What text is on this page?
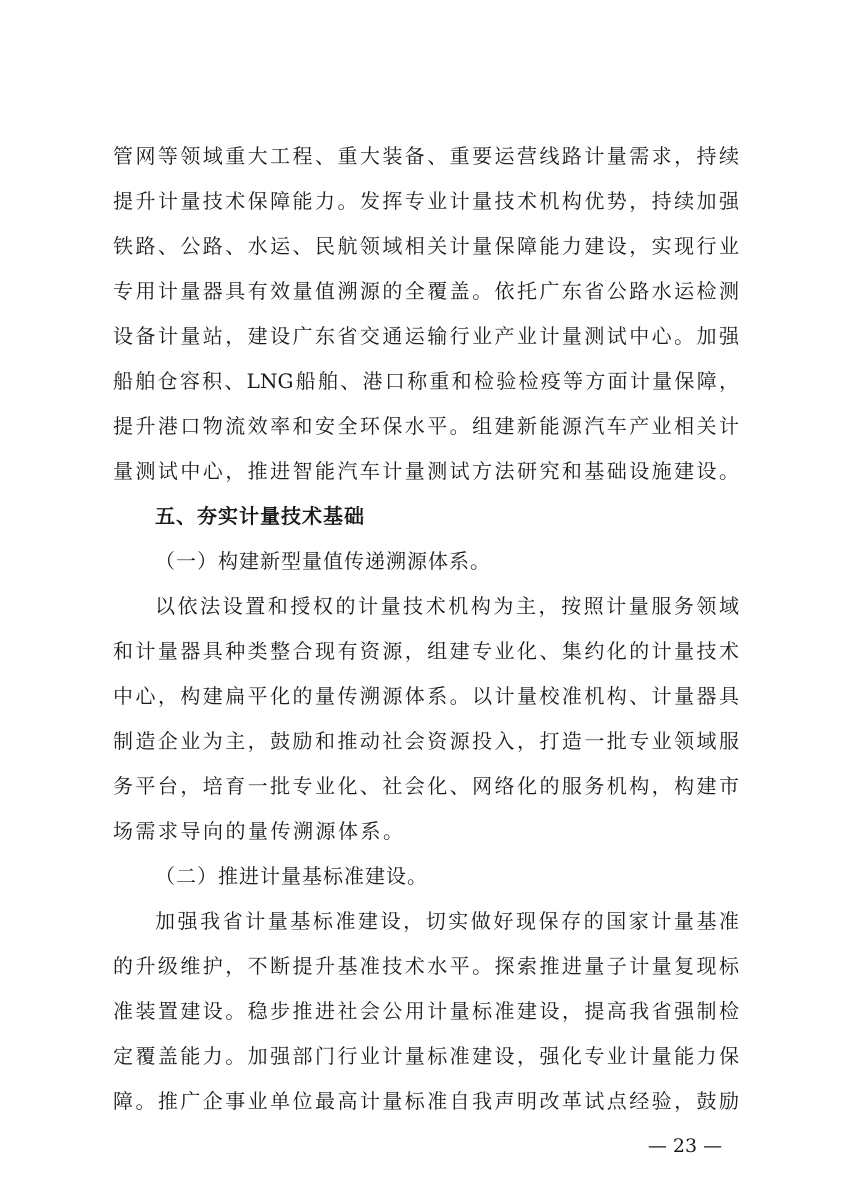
管网等领域重大工程、重大装备、重要运营线路计量需求，持续
提升计量技术保障能力。发挥专业计量技术机构优势，持续加强
铁路、公路、水运、民航领域相关计量保障能力建设，实现行业
专用计量器具有效量值溯源的全覆盖。依托广东省公路水运检测
设备计量站，建设广东省交通运输行业产业计量测试中心。加强
船舶仓容积、LNG船舶、港口称重和检验检疫等方面计量保障，
提升港口物流效率和安全环保水平。组建新能源汽车产业相关计
量测试中心，推进智能汽车计量测试方法研究和基础设施建设。
五、夯实计量技术基础
（一）构建新型量值传递溯源体系。
以依法设置和授权的计量技术机构为主，按照计量服务领域
和计量器具种类整合现有资源，组建专业化、集约化的计量技术
中心，构建扁平化的量传溯源体系。以计量校准机构、计量器具
制造企业为主，鼓励和推动社会资源投入，打造一批专业领域服
务平台，培育一批专业化、社会化、网络化的服务机构，构建市
场需求导向的量传溯源体系。
（二）推进计量基标准建设。
加强我省计量基标准建设，切实做好现保存的国家计量基准
的升级维护，不断提升基准技术水平。探索推进量子计量复现标
准装置建设。稳步推进社会公用计量标准建设，提高我省强制检
定覆盖能力。加强部门行业计量标准建设，强化专业计量能力保
障。推广企事业单位最高计量标准自我声明改革试点经验，鼓励
— 23 —
